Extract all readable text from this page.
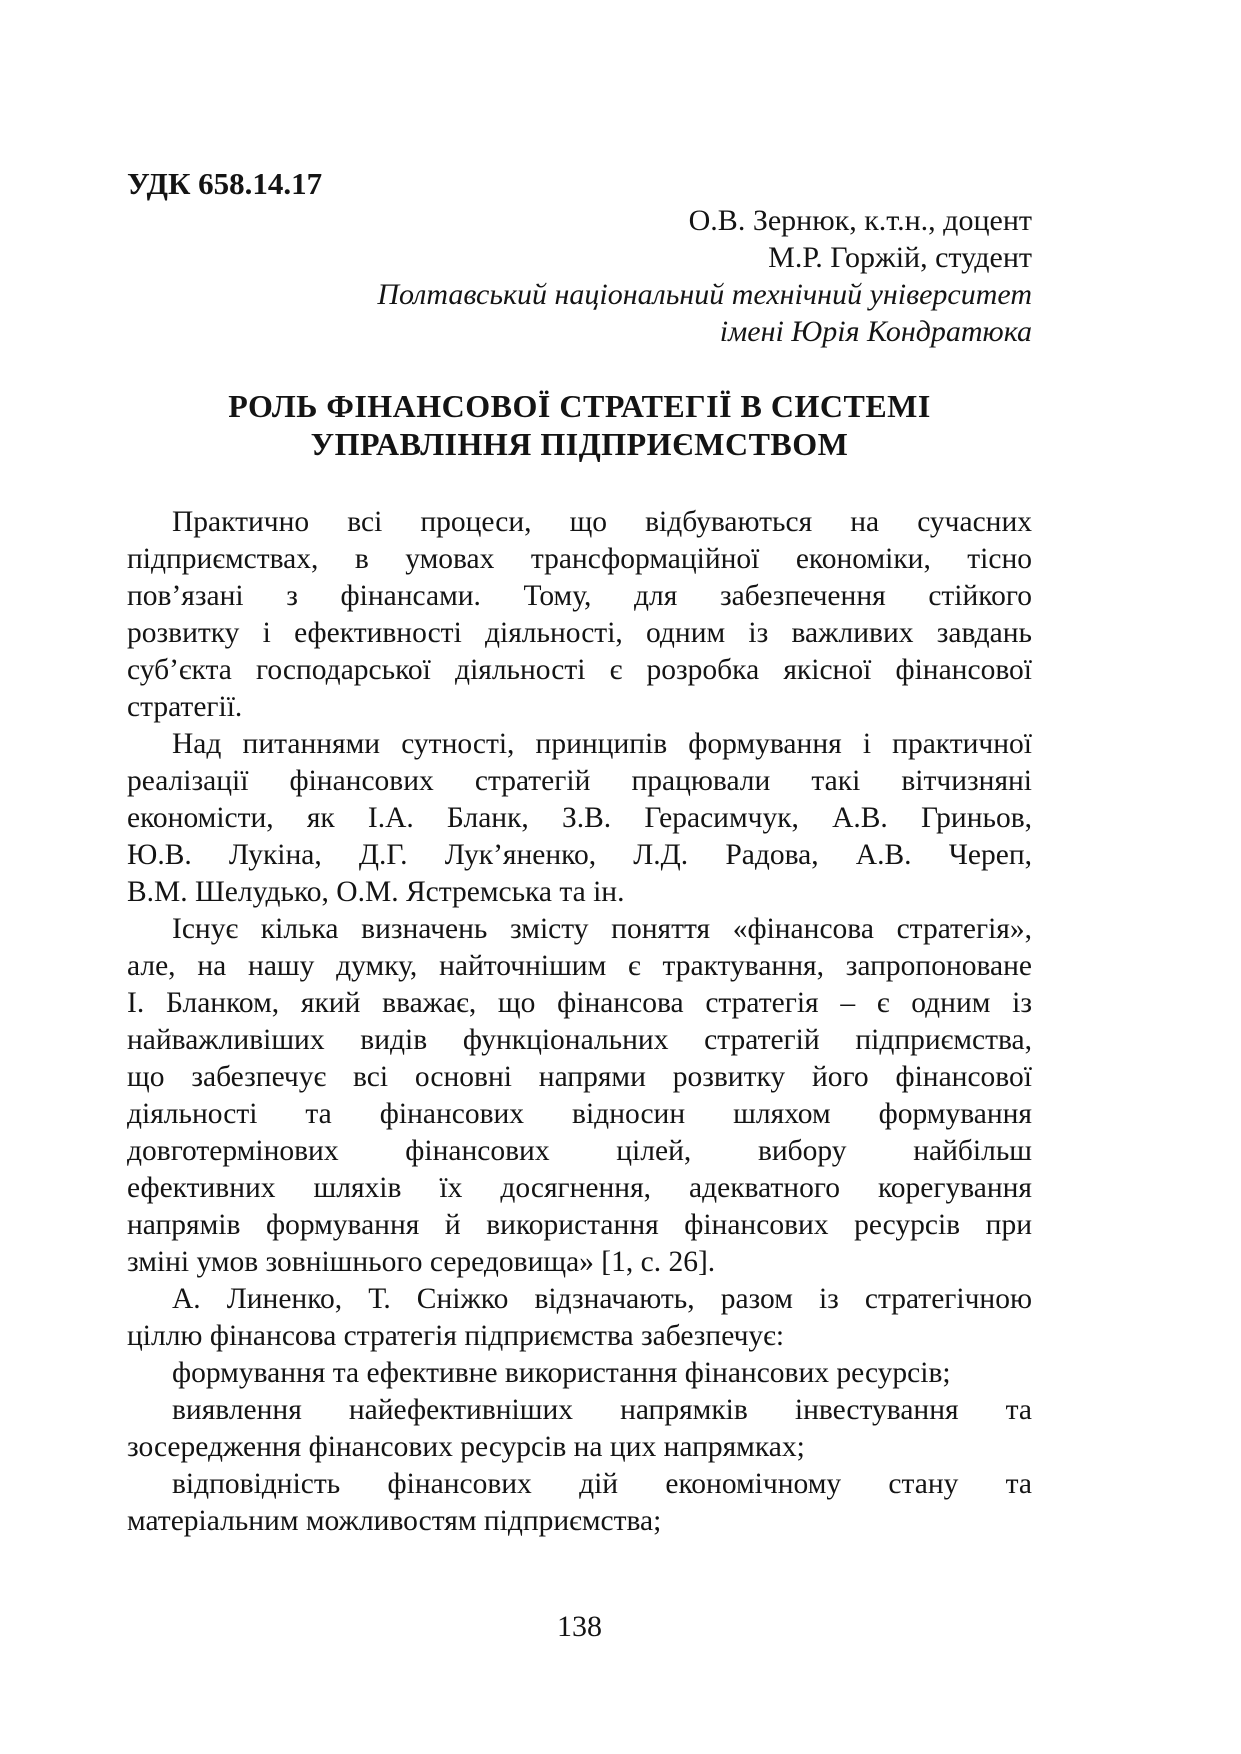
УДК 658.14.17
О.В. Зернюк, к.т.н., доцент
М.Р. Горжій, студент
Полтавський національний технічний університет
імені Юрія Кондратюка
РОЛЬ ФІНАНСОВОЇ СТРАТЕГІЇ В СИСТЕМІ
УПРАВЛІННЯ ПІДПРИЄМСТВОМ
Практично всі процеси, що відбуваються на сучасних
підприємствах, в умовах трансформаційної економіки, тісно
пов’язані з фінансами. Тому, для забезпечення стійкого
розвитку і ефективності діяльності, одним із важливих завдань
суб’єкта господарської діяльності є розробка якісної фінансової
стратегії.
Над питаннями сутності, принципів формування і практичної
реалізації фінансових стратегій працювали такі вітчизняні
економісти, як І.А. Бланк, З.В. Герасимчук, А.В. Гриньов,
Ю.В. Лукіна, Д.Г. Лук’яненко, Л.Д. Радова, А.В. Череп,
В.М. Шелудько, О.М. Ястремська та ін.
Існує кілька визначень змісту поняття «фінансова стратегія»,
але, на нашу думку, найточнішим є трактування, запропоноване
І. Бланком, який вважає, що фінансова стратегія – є одним із
найважливіших видів функціональних стратегій підприємства,
що забезпечує всі основні напрями розвитку його фінансової
діяльності та фінансових відносин шляхом формування
довготермінових фінансових цілей, вибору найбільш
ефективних шляхів їх досягнення, адекватного корегування
напрямів формування й використання фінансових ресурсів при
зміні умов зовнішнього середовища» [1, с. 26].
А. Линенко, Т. Сніжко відзначають, разом із стратегічною
ціллю фінансова стратегія підприємства забезпечує:
формування та ефективне використання фінансових ресурсів;
виявлення найефективніших напрямків інвестування та
зосередження фінансових ресурсів на цих напрямках;
відповідність фінансових дій економічному стану та
матеріальним можливостям підприємства;
138
